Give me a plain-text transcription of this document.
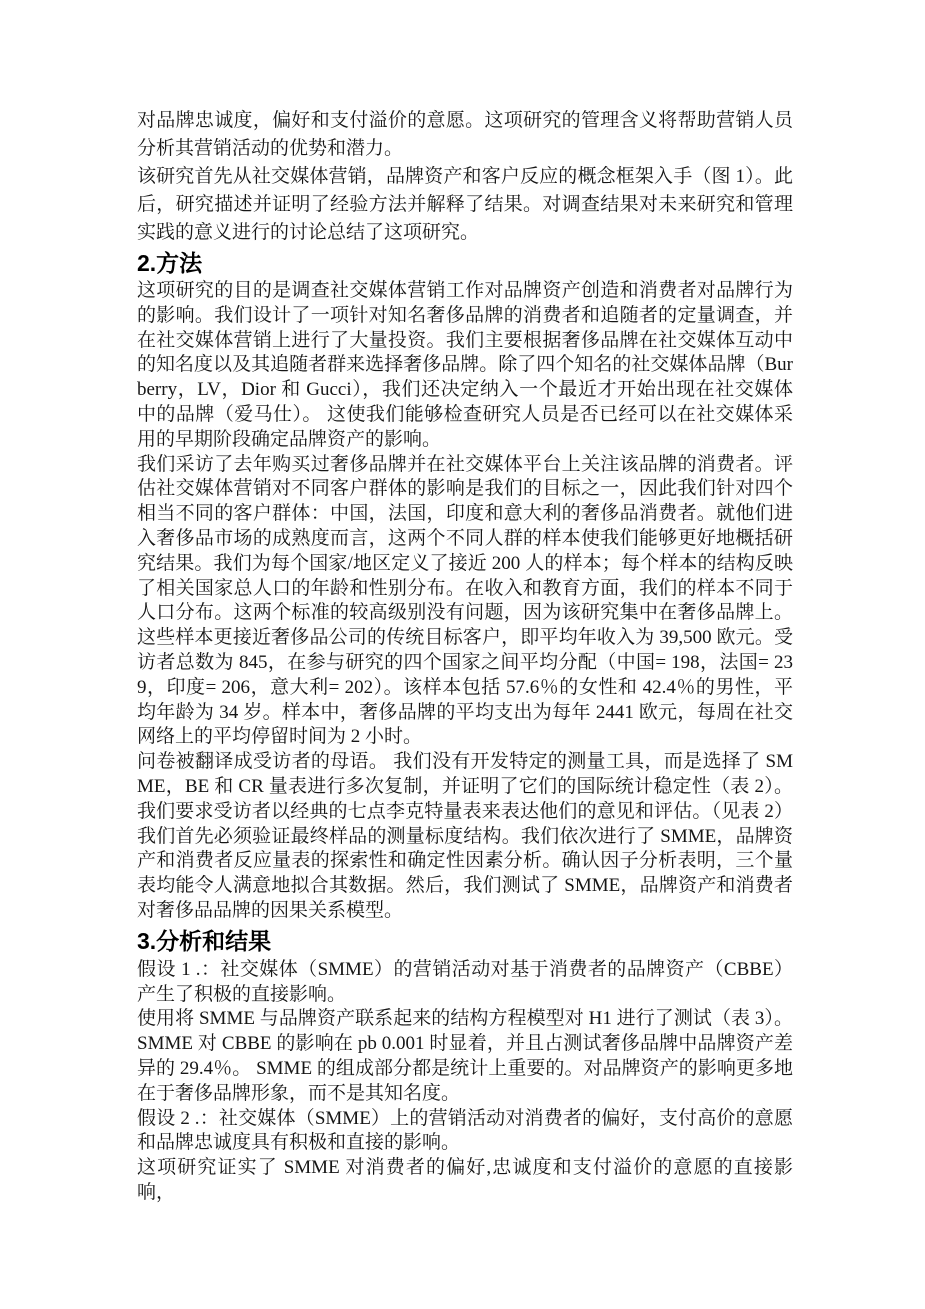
对品牌忠诚度，偏好和支付溢价的意愿。这项研究的管理含义将帮助营销人员分析其营销活动的优势和潜力。

该研究首先从社交媒体营销，品牌资产和客户反应的概念框架入手（图 1）。此后，研究描述并证明了经验方法并解释了结果。对调查结果对未来研究和管理实践的意义进行的讨论总结了这项研究。

2.方法

这项研究的目的是调查社交媒体营销工作对品牌资产创造和消费者对品牌行为的影响。我们设计了一项针对知名奢侈品牌的消费者和追随者的定量调查，并在社交媒体营销上进行了大量投资。我们主要根据奢侈品牌在社交媒体互动中的知名度以及其追随者群来选择奢侈品牌。除了四个知名的社交媒体品牌（Burberry，LV，Dior 和 Gucci），我们还决定纳入一个最近才开始出现在社交媒体中的品牌（爱马仕）。 这使我们能够检查研究人员是否已经可以在社交媒体采用的早期阶段确定品牌资产的影响。

我们采访了去年购买过奢侈品牌并在社交媒体平台上关注该品牌的消费者。评估社交媒体营销对不同客户群体的影响是我们的目标之一，因此我们针对四个相当不同的客户群体：中国，法国，印度和意大利的奢侈品消费者。就他们进入奢侈品市场的成熟度而言，这两个不同人群的样本使我们能够更好地概括研究结果。我们为每个国家/地区定义了接近 200 人的样本；每个样本的结构反映了相关国家总人口的年龄和性别分布。在收入和教育方面，我们的样本不同于人口分布。这两个标准的较高级别没有问题，因为该研究集中在奢侈品牌上。这些样本更接近奢侈品公司的传统目标客户，即平均年收入为 39,500 欧元。受访者总数为 845，在参与研究的四个国家之间平均分配（中国= 198，法国= 239，印度= 206，意大利= 202）。该样本包括 57.6％的女性和 42.4％的男性，平均年龄为 34 岁。样本中，奢侈品牌的平均支出为每年 2441 欧元，每周在社交网络上的平均停留时间为 2 小时。

问卷被翻译成受访者的母语。 我们没有开发特定的测量工具，而是选择了 SMME，BE 和 CR 量表进行多次复制，并证明了它们的国际统计稳定性（表 2）。 我们要求受访者以经典的七点李克特量表来表达他们的意见和评估。（见表 2）我们首先必须验证最终样品的测量标度结构。我们依次进行了 SMME，品牌资产和消费者反应量表的探索性和确定性因素分析。确认因子分析表明，三个量表均能令人满意地拟合其数据。然后，我们测试了 SMME，品牌资产和消费者对奢侈品品牌的因果关系模型。

3.分析和结果

假设 1 .：社交媒体（SMME）的营销活动对基于消费者的品牌资产（CBBE）产生了积极的直接影响。

使用将 SMME 与品牌资产联系起来的结构方程模型对 H1 进行了测试（表 3）。SMME 对 CBBE 的影响在 pb 0.001 时显着，并且占测试奢侈品牌中品牌资产差异的 29.4％。 SMME 的组成部分都是统计上重要的。对品牌资产的影响更多地在于奢侈品牌形象，而不是其知名度。

假设 2 .：社交媒体（SMME）上的营销活动对消费者的偏好，支付高价的意愿和品牌忠诚度具有积极和直接的影响。

这项研究证实了 SMME 对消费者的偏好,忠诚度和支付溢价的意愿的直接影响，
